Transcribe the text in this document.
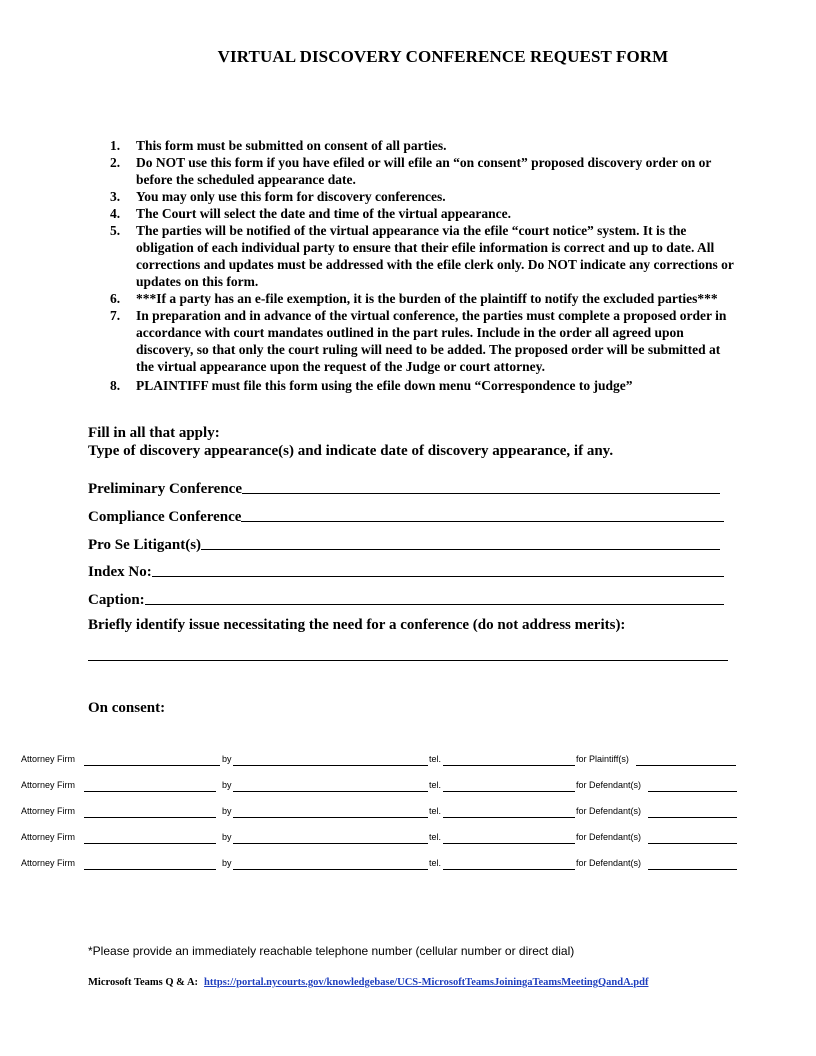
VIRTUAL DISCOVERY CONFERENCE REQUEST FORM
1. This form must be submitted on consent of all parties.
2. Do NOT use this form if you have efiled or will efile an “on consent” proposed discovery order on or before the scheduled appearance date.
3. You may only use this form for discovery conferences.
4. The Court will select the date and time of the virtual appearance.
5. The parties will be notified of the virtual appearance via the efile “court notice” system. It is the obligation of each individual party to ensure that their efile information is correct and up to date. All corrections and updates must be addressed with the efile clerk only. Do NOT indicate any corrections or updates on this form.
6. ***If a party has an e-file exemption, it is the burden of the plaintiff to notify the excluded parties***
7. In preparation and in advance of the virtual conference, the parties must complete a proposed order in accordance with court mandates outlined in the part rules. Include in the order all agreed upon discovery, so that only the court ruling will need to be added. The proposed order will be submitted at the virtual appearance upon the request of the Judge or court attorney.
8. PLAINTIFF must file this form using the efile down menu “Correspondence to judge”
Fill in all that apply:
Type of discovery appearance(s) and indicate date of discovery appearance, if any.
Preliminary Conference
Compliance Conference
Pro Se Litigant(s)
Index No:
Caption:
Briefly identify issue necessitating the need for a conference (do not address merits):
On consent:
Attorney Firm	by	tel.	for Plaintiff(s)
Attorney Firm	by	tel.	for Defendant(s)
Attorney Firm	by	tel.	for Defendant(s)
Attorney Firm	by	tel.	for Defendant(s)
Attorney Firm	by	tel.	for Defendant(s)
*Please provide an immediately reachable telephone number (cellular number or direct dial)
Microsoft Teams Q & A: https://portal.nycourts.gov/knowledgebase/UCS-MicrosoftTeamsJoiningaTeamsMeetingQandA.pdf
